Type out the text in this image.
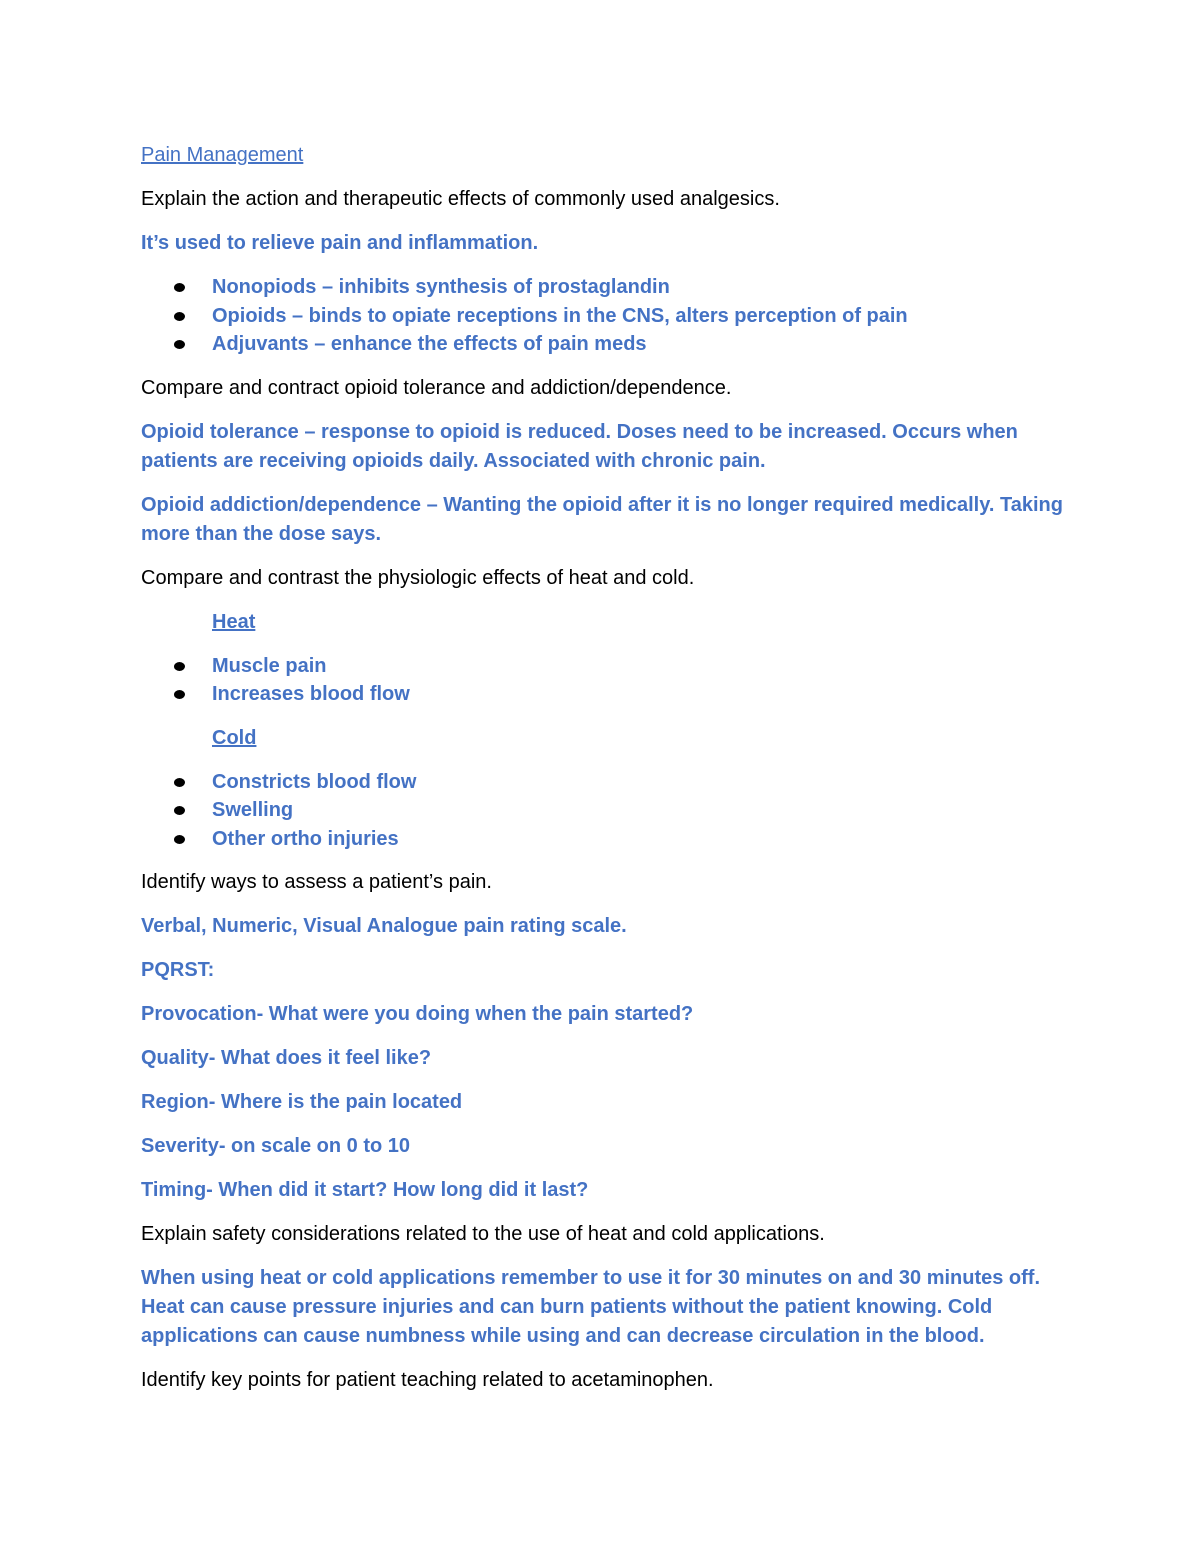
Pain Management

Explain the action and therapeutic effects of commonly used analgesics.

It’s used to relieve pain and inflammation.

Nonopiods – inhibits synthesis of prostaglandin
Opioids – binds to opiate receptions in the CNS, alters perception of pain
Adjuvants – enhance the effects of pain meds

Compare and contract opioid tolerance and addiction/dependence.

Opioid tolerance – response to opioid is reduced. Doses need to be increased. Occurs when patients are receiving opioids daily. Associated with chronic pain.

Opioid addiction/dependence – Wanting the opioid after it is no longer required medically. Taking more than the dose says.

Compare and contrast the physiologic effects of heat and cold.

Heat

Muscle pain
Increases blood flow

Cold

Constricts blood flow
Swelling
Other ortho injuries

Identify ways to assess a patient’s pain.

Verbal, Numeric, Visual Analogue pain rating scale.

PQRST:

Provocation- What were you doing when the pain started?

Quality- What does it feel like?

Region- Where is the pain located

Severity- on scale on 0 to 10

Timing- When did it start? How long did it last?

Explain safety considerations related to the use of heat and cold applications.

When using heat or cold applications remember to use it for 30 minutes on and 30 minutes off. Heat can cause pressure injuries and can burn patients without the patient knowing. Cold applications can cause numbness while using and can decrease circulation in the blood.

Identify key points for patient teaching related to acetaminophen.
